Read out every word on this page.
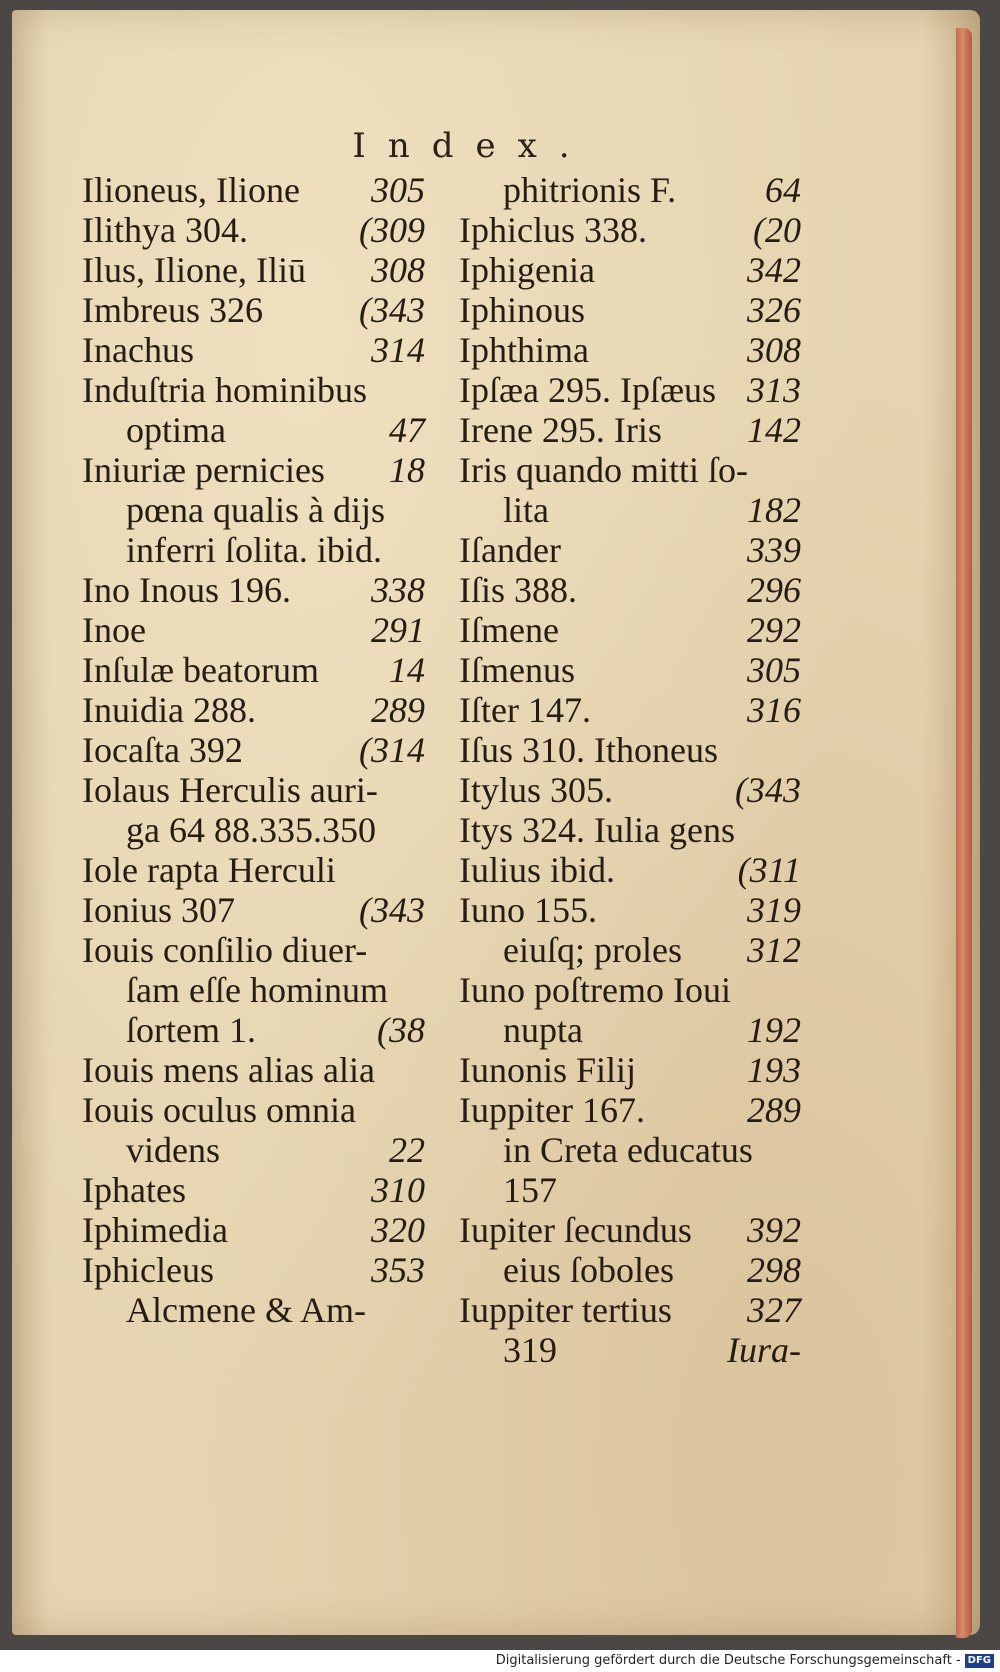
Index.
Ilioneus, Ilione 305
Ilithya 304.	(309
Ilus, Ilione, Iliū 308
Imbreus 326	(343
Inachus	314
Induſtria hominibus
optima	47
Iniuriæ pernicies 18
pœna qualis à dijs
inferri ſolita. ibid.
Ino Inous 196. 338
Inoe	291
Inſulæ beatorum 14
Inuidia 288.	289
Iocaſta 392	(314
Iolaus Herculis auri-
ga 64 88.335.350
Iole rapta Herculi
Ionius 307	(343
Iouis conſilio diuer-
ſam eſſe hominum
ſortem 1.	(38
Iouis mens alias alia
Iouis oculus omnia
videns	22
Iphates	310
Iphimedia	320
Iphicleus	353
Alcmene & Am-
phitrionis F. 64
Iphiclus 338.	(20
Iphigenia	342
Iphinous	326
Iphthima	308
Ipſæa 295. Ipſæus 313
Irene 295. Iris 142
Iris quando mitti ſo-
lita	182
Iſander	339
Iſis 388.	296
Iſmene	292
Iſmenus	305
Iſter 147.	316
Iſus 310. Ithoneus
Itylus 305.	(343
Itys 324. Iulia gens
Iulius ibid.	(311
Iuno 155.	319
eiuſq; proles 312
Iuno poſtremo Ioui
nupta	192
Iunonis Filij	193
Iuppiter 167.	289
in Creta educatus
157
Iupiter ſecundus 392
eius ſoboles 298
Iuppiter tertius 327
319	Iura-
Digitalisierung gefördert durch die Deutsche Forschungsgemeinschaft - DFG
